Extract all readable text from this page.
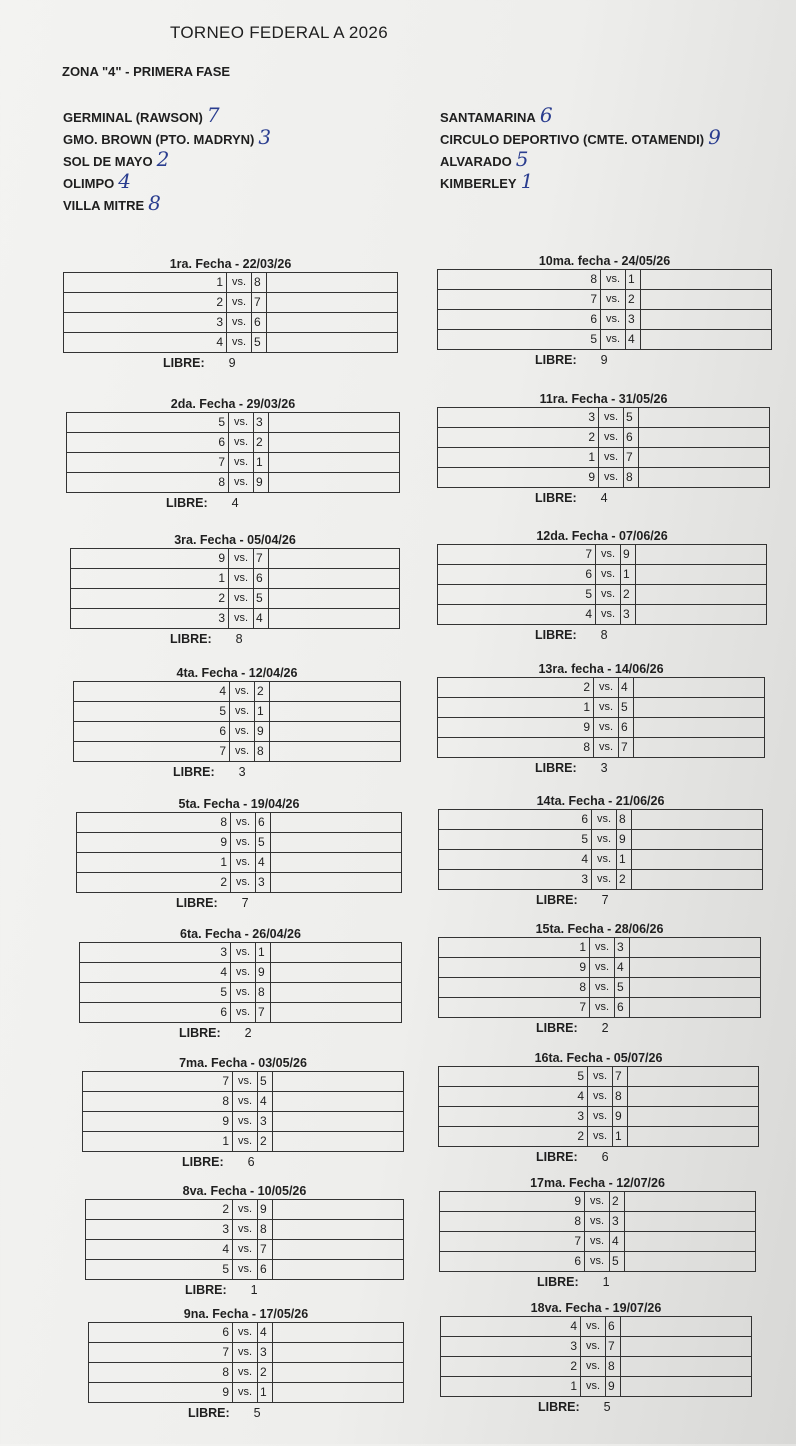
TORNEO FEDERAL A 2026
ZONA "4" - PRIMERA FASE
GERMINAL (RAWSON) 7
GMO. BROWN (PTO. MADRYN) 3
SOL DE MAYO 2
OLIMPO 4
VILLA MITRE 8
SANTAMARINA 6
CIRCULO DEPORTIVO (CMTE. OTAMENDI) 9
ALVARADO 5
KIMBERLEY 1
1ra. Fecha - 22/03/26
1	vs.	8	
2	vs.	7	
3	vs.	6	
4	vs.	5	
LIBRE: 9
2da. Fecha - 29/03/26
5	vs.	3	
6	vs.	2	
7	vs.	1	
8	vs.	9	
LIBRE: 4
3ra. Fecha - 05/04/26
9	vs.	7	
1	vs.	6	
2	vs.	5	
3	vs.	4	
LIBRE: 8
4ta. Fecha - 12/04/26
4	vs.	2	
5	vs.	1	
6	vs.	9	
7	vs.	8	
LIBRE: 3
5ta. Fecha - 19/04/26
8	vs.	6	
9	vs.	5	
1	vs.	4	
2	vs.	3	
LIBRE: 7
6ta. Fecha - 26/04/26
3	vs.	1	
4	vs.	9	
5	vs.	8	
6	vs.	7	
LIBRE: 2
7ma. Fecha - 03/05/26
7	vs.	5	
8	vs.	4	
9	vs.	3	
1	vs.	2	
LIBRE: 6
8va. Fecha - 10/05/26
2	vs.	9	
3	vs.	8	
4	vs.	7	
5	vs.	6	
LIBRE: 1
9na. Fecha - 17/05/26
6	vs.	4	
7	vs.	3	
8	vs.	2	
9	vs.	1	
LIBRE: 5
10ma. fecha - 24/05/26
8	vs.	1	
7	vs.	2	
6	vs.	3	
5	vs.	4	
LIBRE: 9
11ra. Fecha - 31/05/26
3	vs.	5	
2	vs.	6	
1	vs.	7	
9	vs.	8	
LIBRE: 4
12da. Fecha - 07/06/26
7	vs.	9	
6	vs.	1	
5	vs.	2	
4	vs.	3	
LIBRE: 8
13ra. fecha - 14/06/26
2	vs.	4	
1	vs.	5	
9	vs.	6	
8	vs.	7	
LIBRE: 3
14ta. Fecha - 21/06/26
6	vs.	8	
5	vs.	9	
4	vs.	1	
3	vs.	2	
LIBRE: 7
15ta. Fecha - 28/06/26
1	vs.	3	
9	vs.	4	
8	vs.	5	
7	vs.	6	
LIBRE: 2
16ta. Fecha - 05/07/26
5	vs.	7	
4	vs.	8	
3	vs.	9	
2	vs.	1	
LIBRE: 6
17ma. Fecha - 12/07/26
9	vs.	2	
8	vs.	3	
7	vs.	4	
6	vs.	5	
LIBRE: 1
18va. Fecha - 19/07/26
4	vs.	6	
3	vs.	7	
2	vs.	8	
1	vs.	9	
LIBRE: 5
